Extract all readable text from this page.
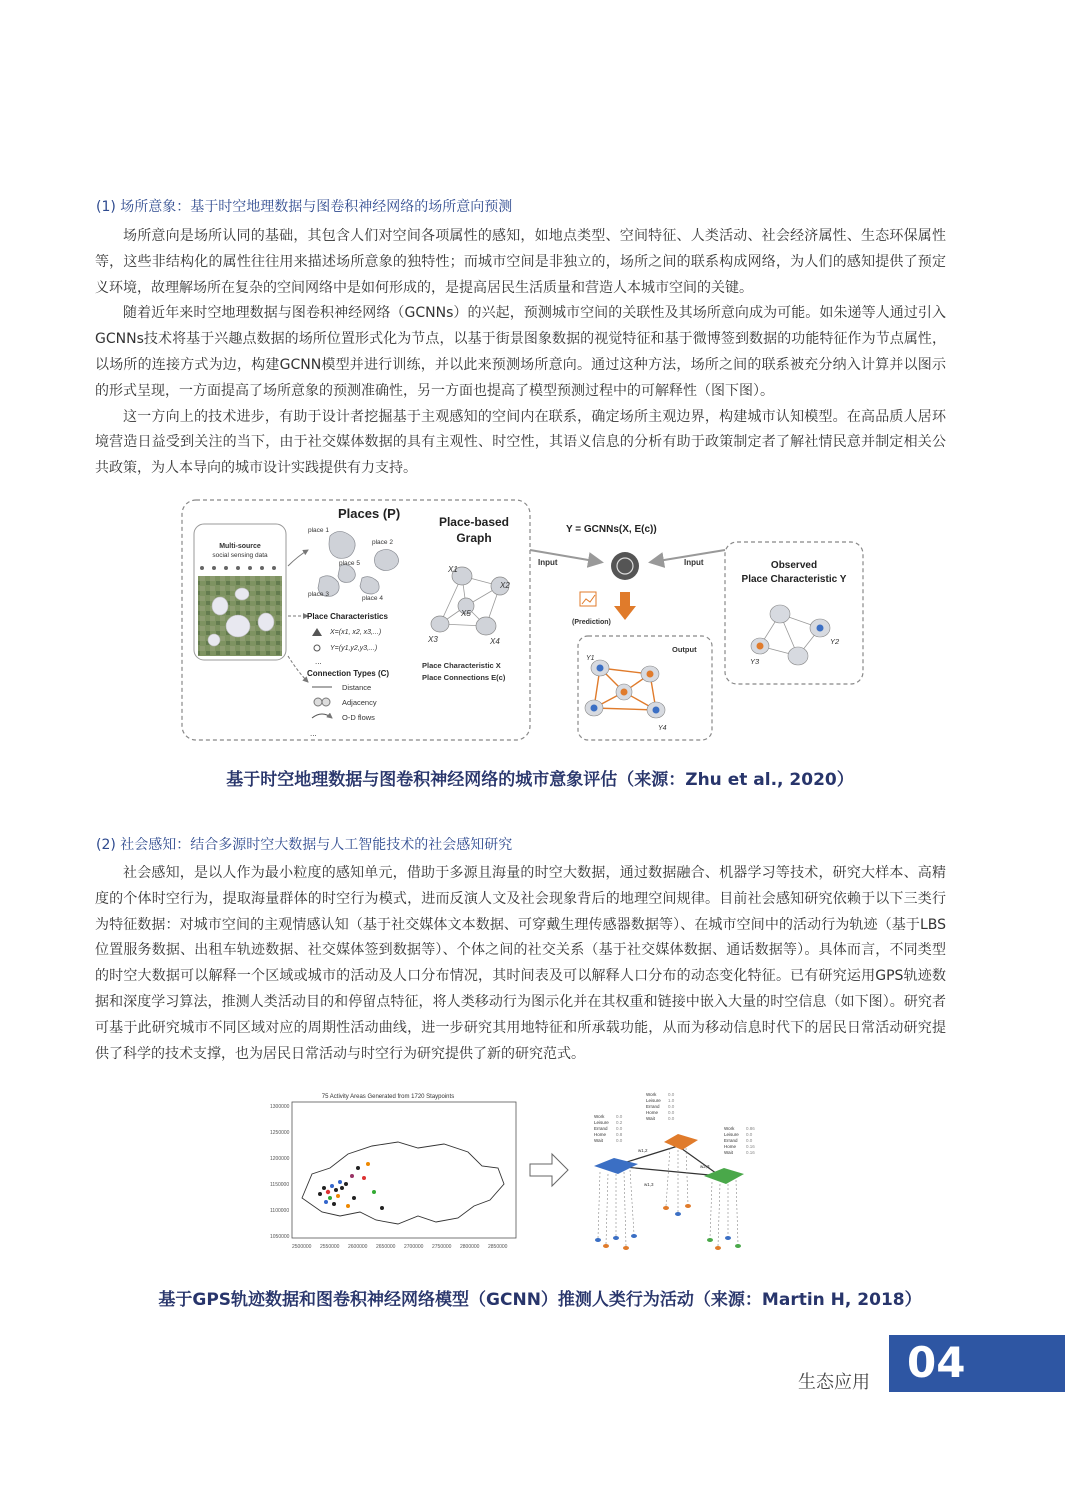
(1) 场所意象：基于时空地理数据与图卷积神经网络的场所意向预测

场所意向是场所认同的基础，其包含人们对空间各项属性的感知，如地点类型、空间特征、人类活动、社会经济属性、生态环保属性等，这些非结构化的属性往往用来描述场所意象的独特性；而城市空间是非独立的，场所之间的联系构成网络，为人们的感知提供了预定义环境，故理解场所在复杂的空间网络中是如何形成的，是提高居民生活质量和营造人本城市空间的关键。

随着近年来时空地理数据与图卷积神经网络（GCNNs）的兴起，预测城市空间的关联性及其场所意向成为可能。如朱递等人通过引入GCNNs技术将基于兴趣点数据的场所位置形式化为节点，以基于街景图象数据的视觉特征和基于微博签到数据的功能特征作为节点属性，以场所的连接方式为边，构建GCNN模型并进行训练，并以此来预测场所意向。通过这种方法，场所之间的联系被充分纳入计算并以图示的形式呈现，一方面提高了场所意象的预测准确性，另一方面也提高了模型预测过程中的可解释性（图下图）。

这一方向上的技术进步，有助于设计者挖掘基于主观感知的空间内在联系，确定场所主观边界，构建城市认知模型。在高品质人居环境营造日益受到关注的当下，由于社交媒体数据的具有主观性、时空性，其语义信息的分析有助于政策制定者了解社情民意并制定相关公共政策，为人本导向的城市设计实践提供有力支持。

Multi-source
social sensing data
Places (P)
place 1
place 2
place 5
place 3
place 4
Place Characteristics
X=(x1, x2, x3,...)
Y=(y1,y2,y3,...)
...
Connection Types (C)
Distance
Adjacency
O-D flows
...
Place-based
Graph
X1
X2
X3	X4
X5
Place Characteristic X
Place Connections E(c)
Y = GCNNs(X, E(c))
Input	Input
(Prediction)
Output
Y1
Y4
Observed
Place Characteristic Y
Y2
Y3
基于时空地理数据与图卷积神经网络的城市意象评估（来源：Zhu et al., 2020）
(2) 社会感知：结合多源时空大数据与人工智能技术的社会感知研究

社会感知，是以人作为最小粒度的感知单元，借助于多源且海量的时空大数据，通过数据融合、机器学习等技术，研究大样本、高精度的个体时空行为，提取海量群体的时空行为模式，进而反演人文及社会现象背后的地理空间规律。目前社会感知研究依赖于以下三类行为特征数据：对城市空间的主观情感认知（基于社交媒体文本数据、可穿戴生理传感器数据等）、在城市空间中的活动行为轨迹（基于LBS位置服务数据、出租车轨迹数据、社交媒体签到数据等）、个体之间的社交关系（基于社交媒体数据、通话数据等）。具体而言，不同类型的时空大数据可以解释一个区域或城市的活动及人口分布情况，其时间表及可以解释人口分布的动态变化特征。已有研究运用GPS轨迹数据和深度学习算法，推测人类活动目的和停留点特征，将人类移动行为图示化并在其权重和链接中嵌入大量的时空信息（如下图）。研究者可基于此研究城市不同区域对应的周期性活动曲线，进一步研究其用地特征和所承载功能，从而为移动信息时代下的居民日常活动研究提供了科学的技术支撑，也为居民日常活动与时空行为研究提供了新的研究范式。

75 Activity Areas Generated from 1720 Staypoints
1300000
1250000
1200000
1150000
1100000
1050000
2500000 2550000 2600000 2650000 2700000 2750000 2800000 2850000
Work	0.0
Leisure 1.0
Errand 0.0
Home 0.0
Wait	0.0
Work	0.0
Leisure 0.2
Errand 0.0
Home 0.8
Wait	0.0
Work	0.86
Leisure 0.0
Errand 0.0
Home 0.16
Wait	0.16
w1,2
w1,3
w2,3
基于GPS轨迹数据和图卷积神经网络模型（GCNN）推测人类行为活动（来源：Martin H, 2018）
生态应用 04
